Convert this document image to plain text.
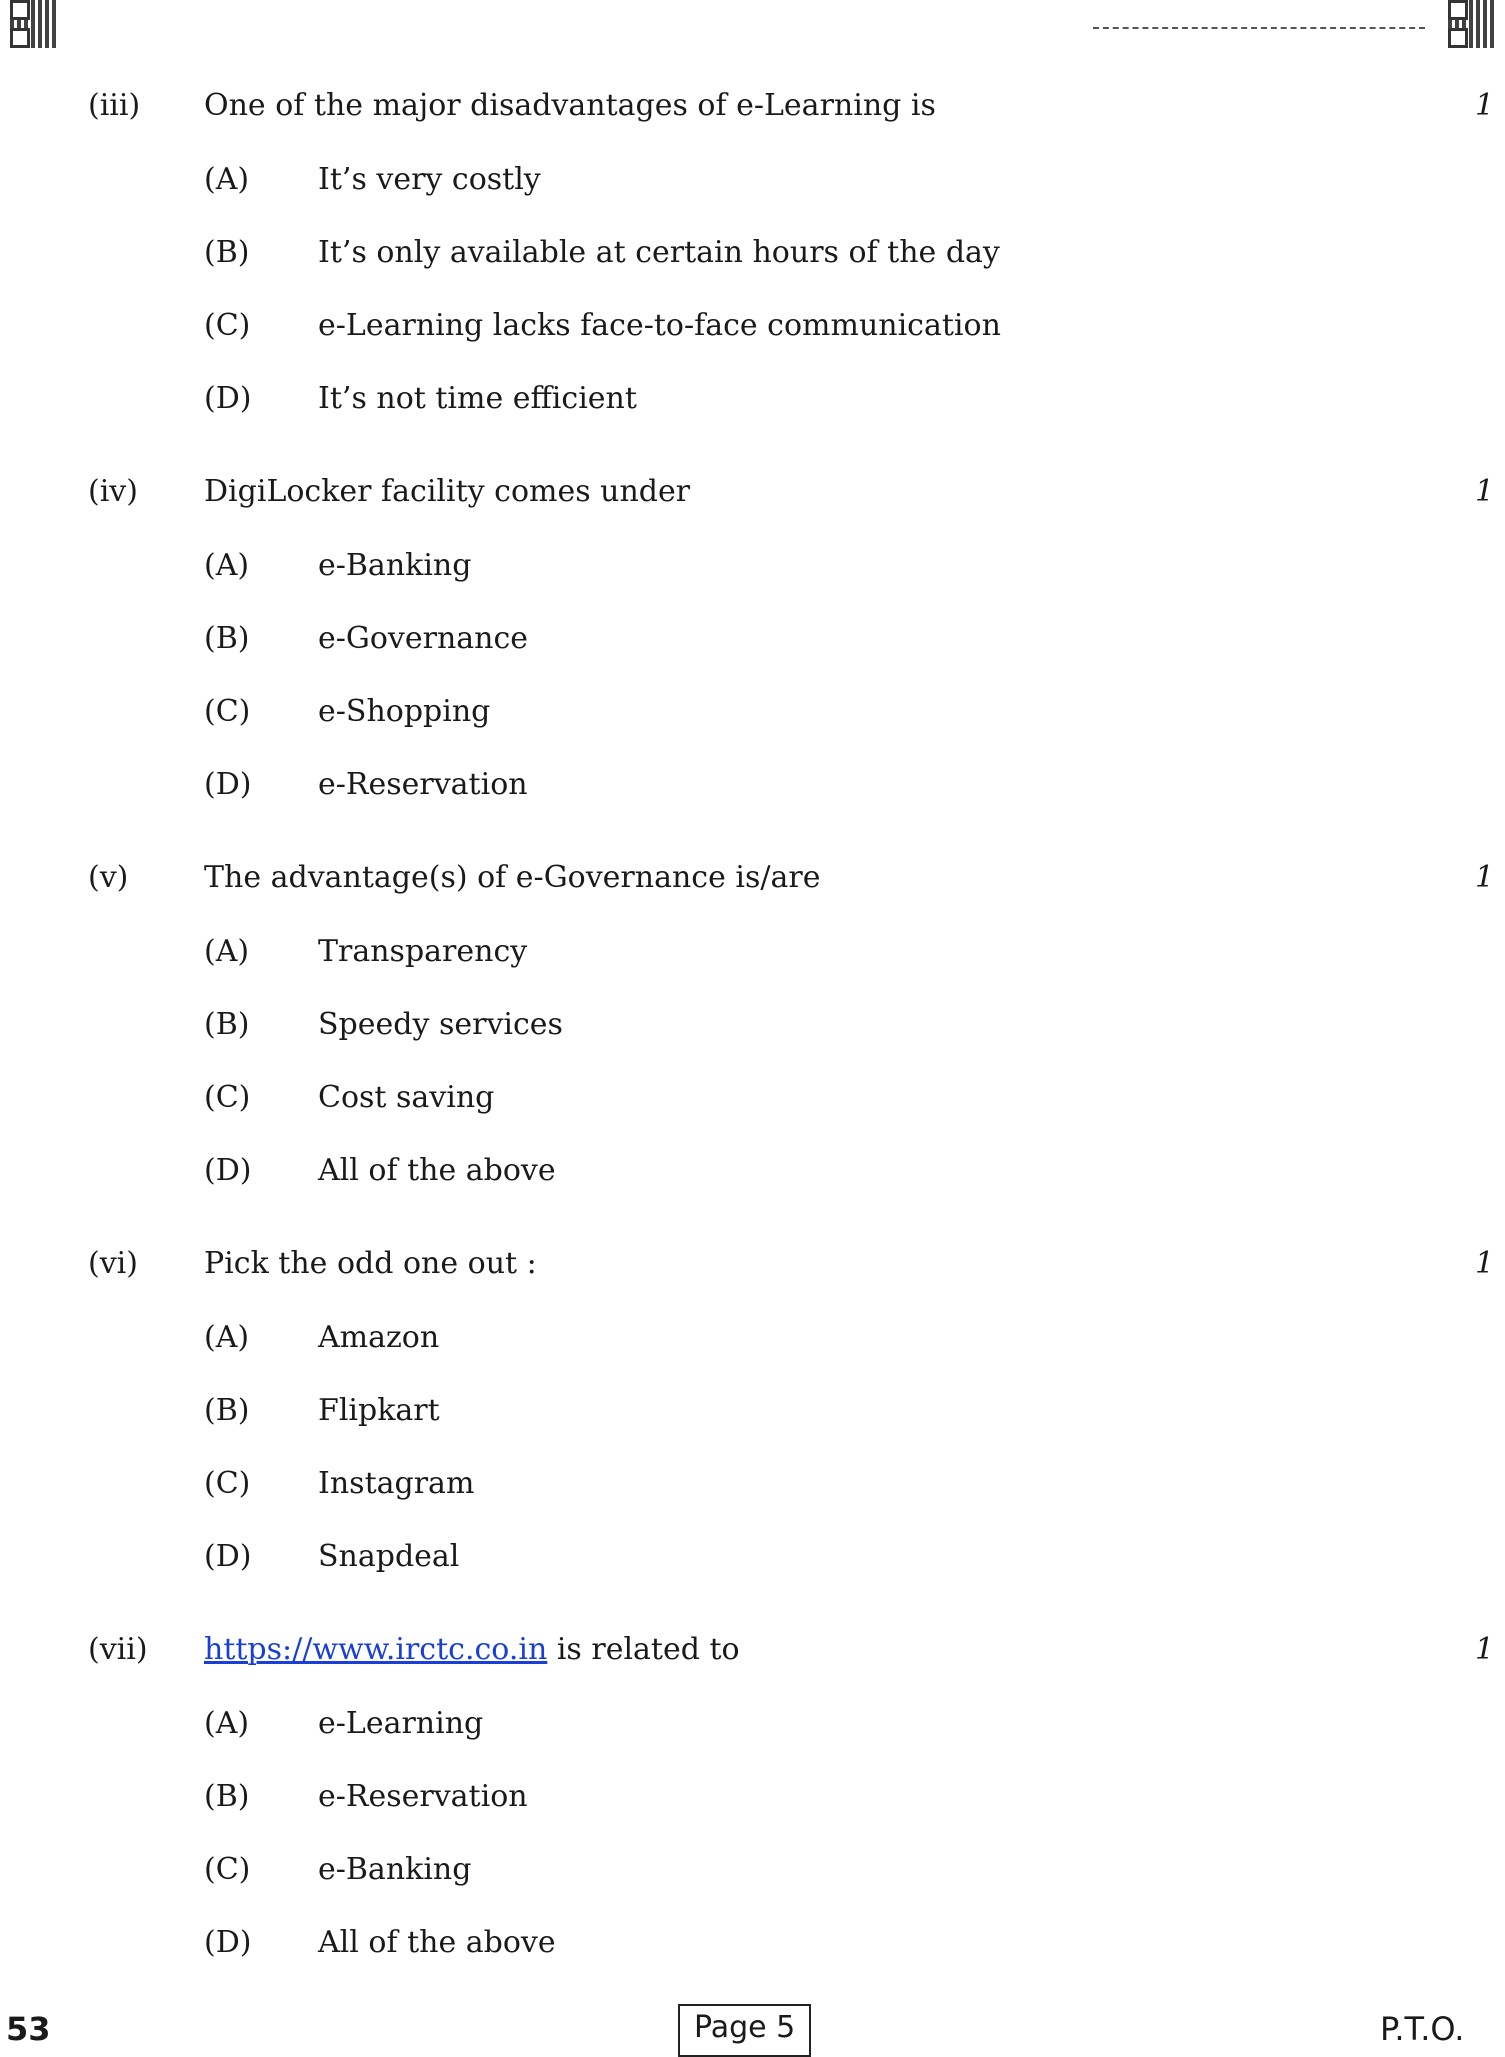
(iii) One of the major disadvantages of e-Learning is	1
(A) It’s very costly
(B) It’s only available at certain hours of the day
(C) e-Learning lacks face-to-face communication
(D) It’s not time efficient
(iv) DigiLocker facility comes under	1
(A) e-Banking
(B) e-Governance
(C) e-Shopping
(D) e-Reservation
(v)	The advantage(s) of e-Governance is/are	1
(A) Transparency
(B) Speedy services
(C) Cost saving
(D) All of the above
(vi) Pick the odd one out :	1
(A) Amazon
(B) Flipkart
(C) Instagram
(D) Snapdeal
(vii) https://www.irctc.co.in is related to	1
(A) e-Learning
(B) e-Reservation
(C) e-Banking
(D) All of the above
53	Page 5	P.T.O.
